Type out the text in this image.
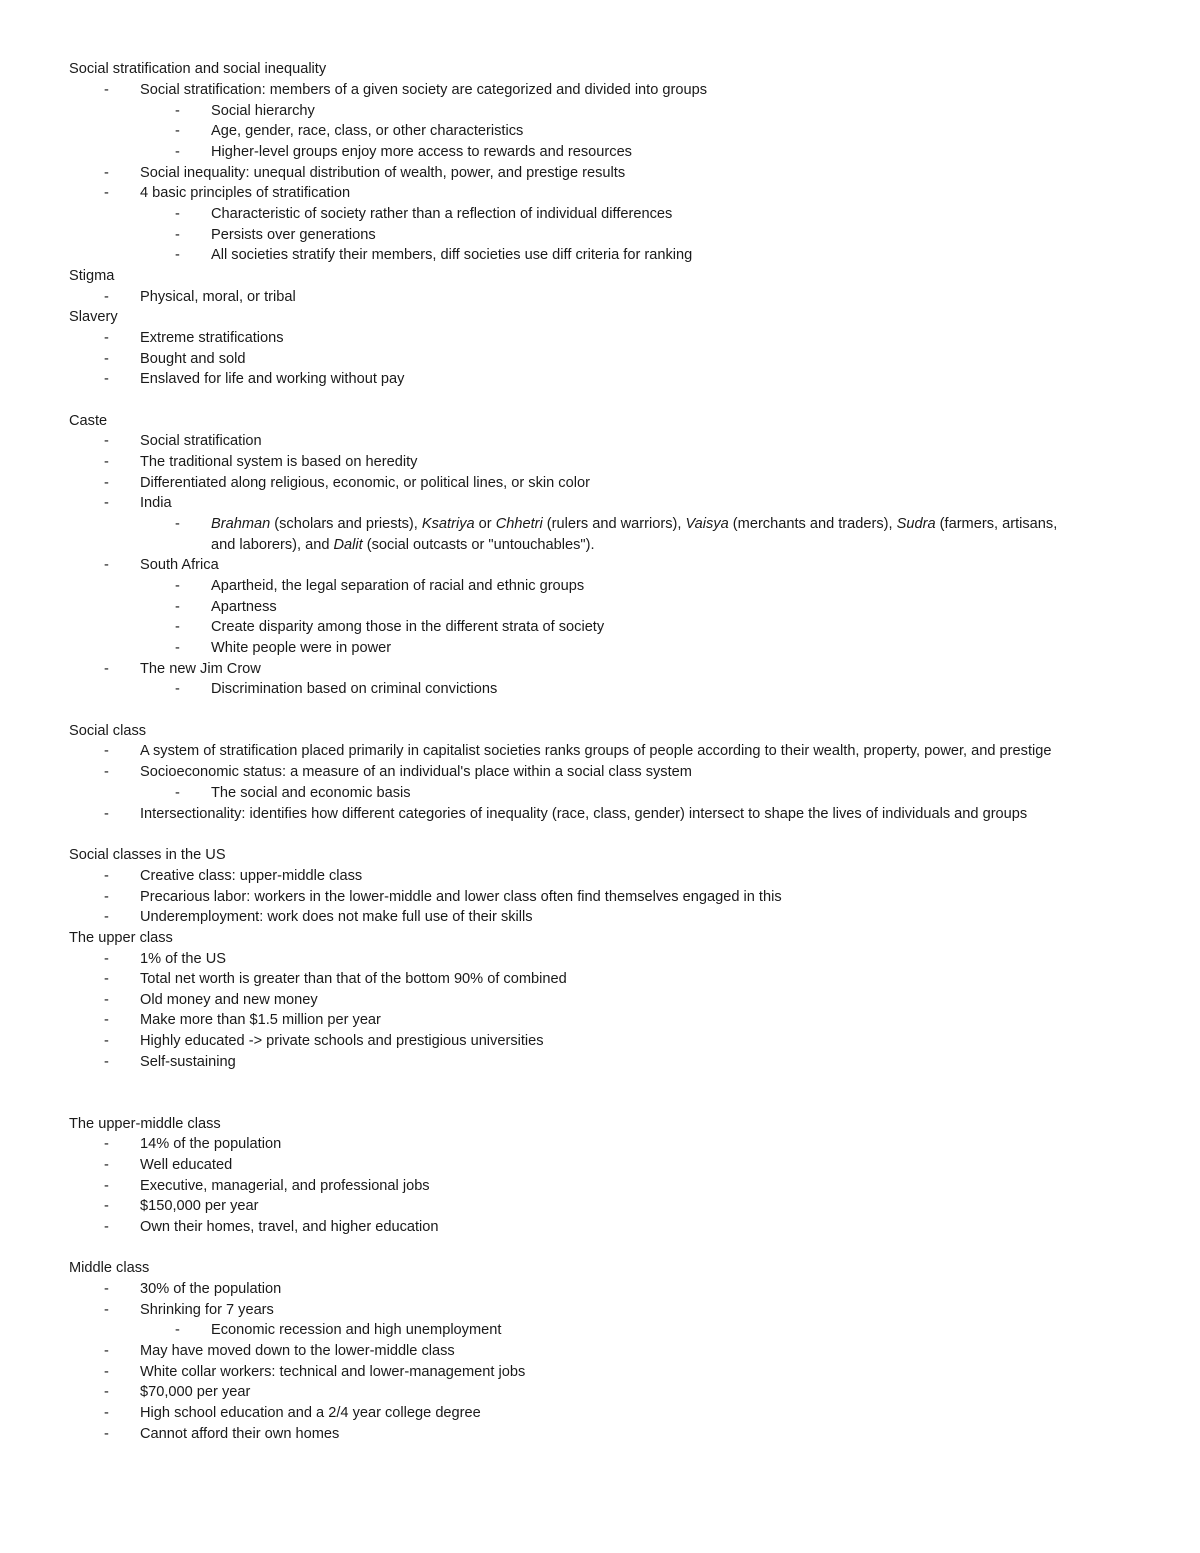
Social stratification and social inequality
- Social stratification: members of a given society are categorized and divided into groups
- Social hierarchy
- Age, gender, race, class, or other characteristics
- Higher-level groups enjoy more access to rewards and resources
- Social inequality: unequal distribution of wealth, power, and prestige results
- 4 basic principles of stratification
- Characteristic of society rather than a reflection of individual differences
- Persists over generations
- All societies stratify their members, diff societies use diff criteria for ranking
Stigma
- Physical, moral, or tribal
Slavery
- Extreme stratifications
- Bought and sold
- Enslaved for life and working without pay
Caste
- Social stratification
- The traditional system is based on heredity
- Differentiated along religious, economic, or political lines, or skin color
- India
- Brahman (scholars and priests), Ksatriya or Chhetri (rulers and warriors), Vaisya (merchants and traders), Sudra (farmers, artisans,
and laborers), and Dalit (social outcasts or "untouchables").
- South Africa
- Apartheid, the legal separation of racial and ethnic groups
- Apartness
- Create disparity among those in the different strata of society
- White people were in power
- The new Jim Crow
- Discrimination based on criminal convictions
Social class
- A system of stratification placed primarily in capitalist societies ranks groups of people according to their wealth, property, power, and prestige
- Socioeconomic status: a measure of an individual's place within a social class system
- The social and economic basis
- Intersectionality: identifies how different categories of inequality (race, class, gender) intersect to shape the lives of individuals and groups
Social classes in the US
- Creative class: upper-middle class
- Precarious labor: workers in the lower-middle and lower class often find themselves engaged in this
- Underemployment: work does not make full use of their skills
The upper class
- 1% of the US
- Total net worth is greater than that of the bottom 90% of combined
- Old money and new money
- Make more than $1.5 million per year
- Highly educated -> private schools and prestigious universities
- Self-sustaining
The upper-middle class
- 14% of the population
- Well educated
- Executive, managerial, and professional jobs
- $150,000 per year
- Own their homes, travel, and higher education
Middle class
- 30% of the population
- Shrinking for 7 years
- Economic recession and high unemployment
- May have moved down to the lower-middle class
- White collar workers: technical and lower-management jobs
- $70,000 per year
- High school education and a 2/4 year college degree
- Cannot afford their own homes
